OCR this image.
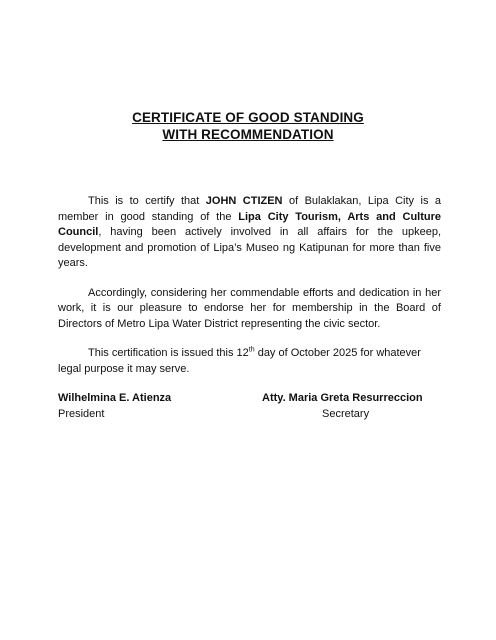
CERTIFICATE OF GOOD STANDING
WITH RECOMMENDATION

This is to certify that JOHN CTIZEN of Bulaklakan, Lipa City is a member in good standing of the Lipa City Tourism, Arts and Culture Council, having been actively involved in all affairs for the upkeep, development and promotion of Lipa’s Museo ng Katipunan for more than five years.

Accordingly, considering her commendable efforts and dedication in her work, it is our pleasure to endorse her for membership in the Board of Directors of Metro Lipa Water District representing the civic sector.

This certification is issued this 12th day of October 2025 for whatever legal purpose it may serve.

Wilhelmina E. Atienza
President
Atty. Maria Greta Resurreccion
Secretary
